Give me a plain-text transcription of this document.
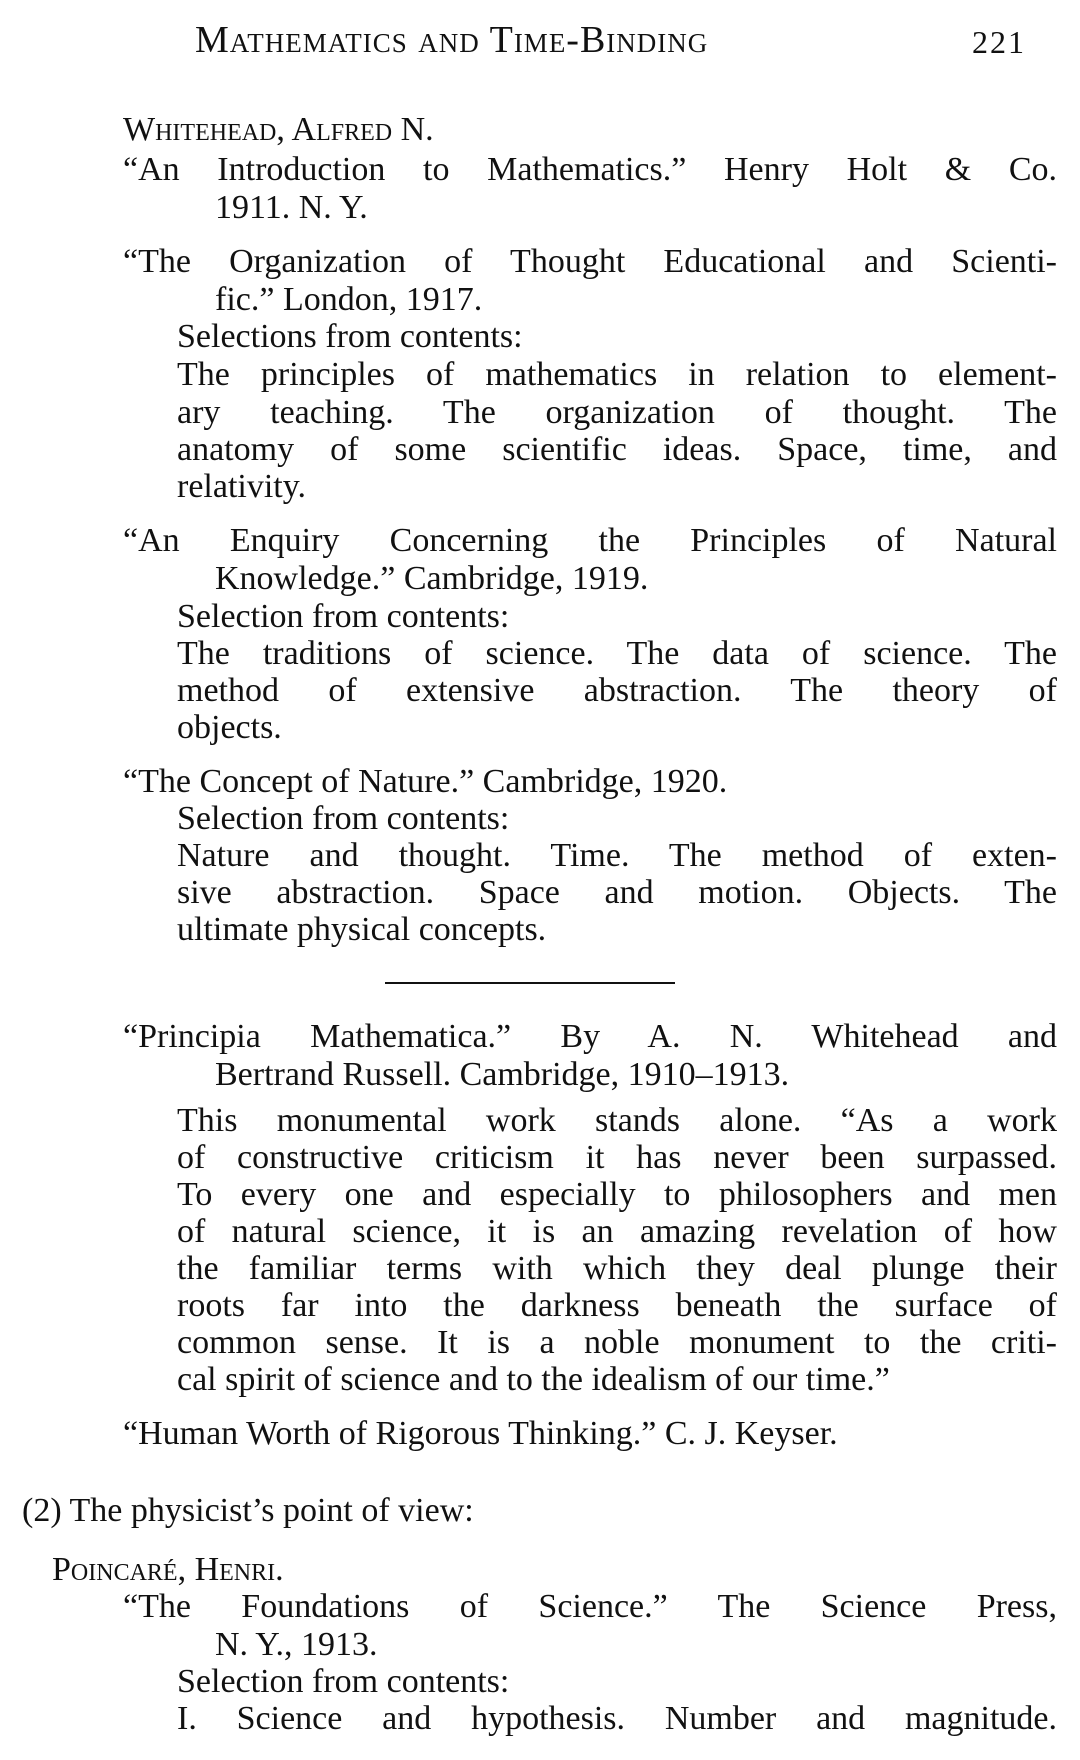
Mathematics and Time-Binding	221
Whitehead, Alfred N.
“An Introduction to Mathematics.” Henry Holt & Co.
1911. N. Y.
“The Organization of Thought Educational and Scienti-
fic.” London, 1917.
Selections from contents:
The principles of mathematics in relation to element-
ary teaching. The organization of thought. The
anatomy of some scientific ideas. Space, time, and
relativity.
“An Enquiry Concerning the Principles of Natural
Knowledge.” Cambridge, 1919.
Selection from contents:
The traditions of science. The data of science. The
method of extensive abstraction. The theory of
objects.
“The Concept of Nature.” Cambridge, 1920.
Selection from contents:
Nature and thought. Time. The method of exten-
sive abstraction. Space and motion. Objects. The
ultimate physical concepts.
“Principia Mathematica.” By A. N. Whitehead and
Bertrand Russell. Cambridge, 1910–1913.
This monumental work stands alone. “As a work
of constructive criticism it has never been surpassed.
To every one and especially to philosophers and men
of natural science, it is an amazing revelation of how
the familiar terms with which they deal plunge their
roots far into the darkness beneath the surface of
common sense. It is a noble monument to the criti-
cal spirit of science and to the idealism of our time.”
“Human Worth of Rigorous Thinking.” C. J. Keyser.
(2) The physicist’s point of view:
Poincaré, Henri.
“The Foundations of Science.” The Science Press,
N. Y., 1913.
Selection from contents:
I. Science and hypothesis. Number and magnitude.
